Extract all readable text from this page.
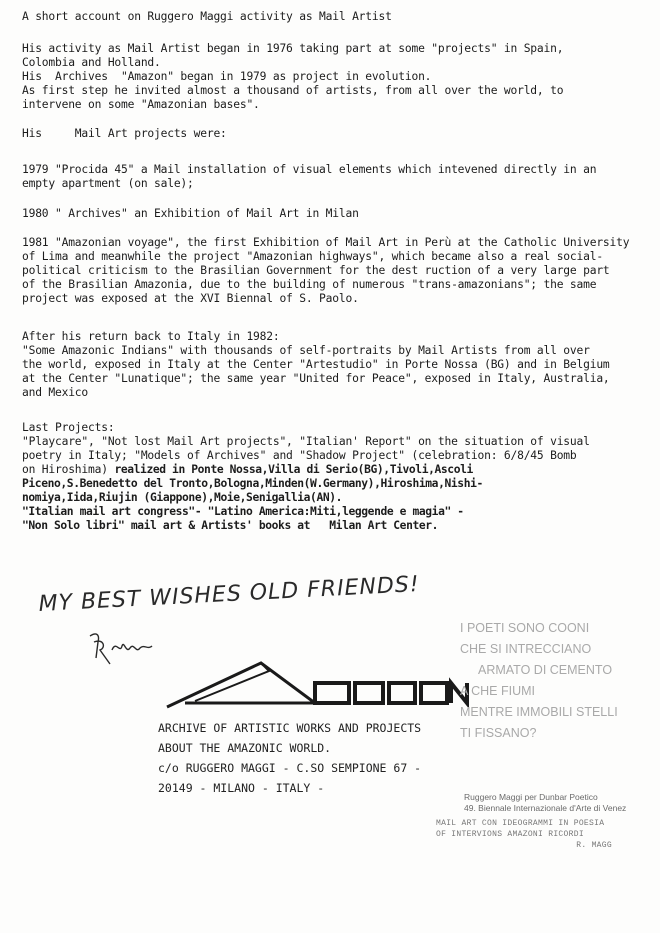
A short account on Ruggero Maggi activity as Mail Artist

His activity as Mail Artist began in 1976 taking part at some "projects" in Spain,

Colombia and Holland.

His  Archives  "Amazon" began in 1979 as project in evolution.

As first step he invited almost a thousand of artists, from all over the world, to

intervene on some "Amazonian bases".

His     Mail Art projects were:

1979 "Procida 45" a Mail installation of visual elements which intevened directly in an

empty apartment (on sale);

1980 " Archives" an Exhibition of Mail Art in Milan

1981 "Amazonian voyage", the first Exhibition of Mail Art in Perù at the Catholic University

of Lima and meanwhile the project "Amazonian highways", which became also a real social-

political criticism to the Brasilian Government for the dest ruction of a very large part

of the Brasilian Amazonia, due to the building of numerous "trans-amazonians"; the same

project was exposed at the XVI Biennal of S. Paolo.

After his return back to Italy in 1982:

"Some Amazonic Indians" with thousands of self-portraits by Mail Artists from all over

the world, exposed in Italy at the Center "Artestudio" in Porte Nossa (BG) and in Belgium

at the Center "Lunatique"; the same year "United for Peace", exposed in Italy, Australia,

and Mexico

Last Projects:

"Playcare", "Not lost Mail Art projects", "Italian' Report" on the situation of visual

poetry in Italy; "Models of Archives" and "Shadow Project" (celebration: 6/8/45 Bomb

on Hiroshima) realized in Ponte Nossa,Villa di Serio(BG),Tivoli,Ascoli

Piceno,S.Benedetto del Tronto,Bologna,Minden(W.Germany),Hiroshima,Nishi-

nomiya,Iida,Riujin (Giappone),Moie,Senigallia(AN).

"Italian mail art congress"- "Latino America:Miti,leggende e magia" -

"Non Solo libri" mail art & Artists' books at   Milan Art Center.

MY BEST WISHES OLD FRIENDS!
AMAZON
ARCHIVE OF ARTISTIC WORKS AND PROJECTS
ABOUT THE AMAZONIC WORLD.
c/o RUGGERO MAGGI - C.SO SEMPIONE 67 -
20149 - MILANO - ITALY -
I POETI SONO COONI
CHE SI INTRECCIANO
ARMATO DI CEMENTO
A CHE FIUMI
MENTRE IMMOBILI STELLI
TI FISSANO?
Ruggero Maggi per Dunbar Poetico
49. Biennale Internazionale d'Arte di Venez
MAIL ART CON IDEOGRAMMI IN POESIA
OF INTERVIONS AMAZONI RICORDI
R. MAGG
